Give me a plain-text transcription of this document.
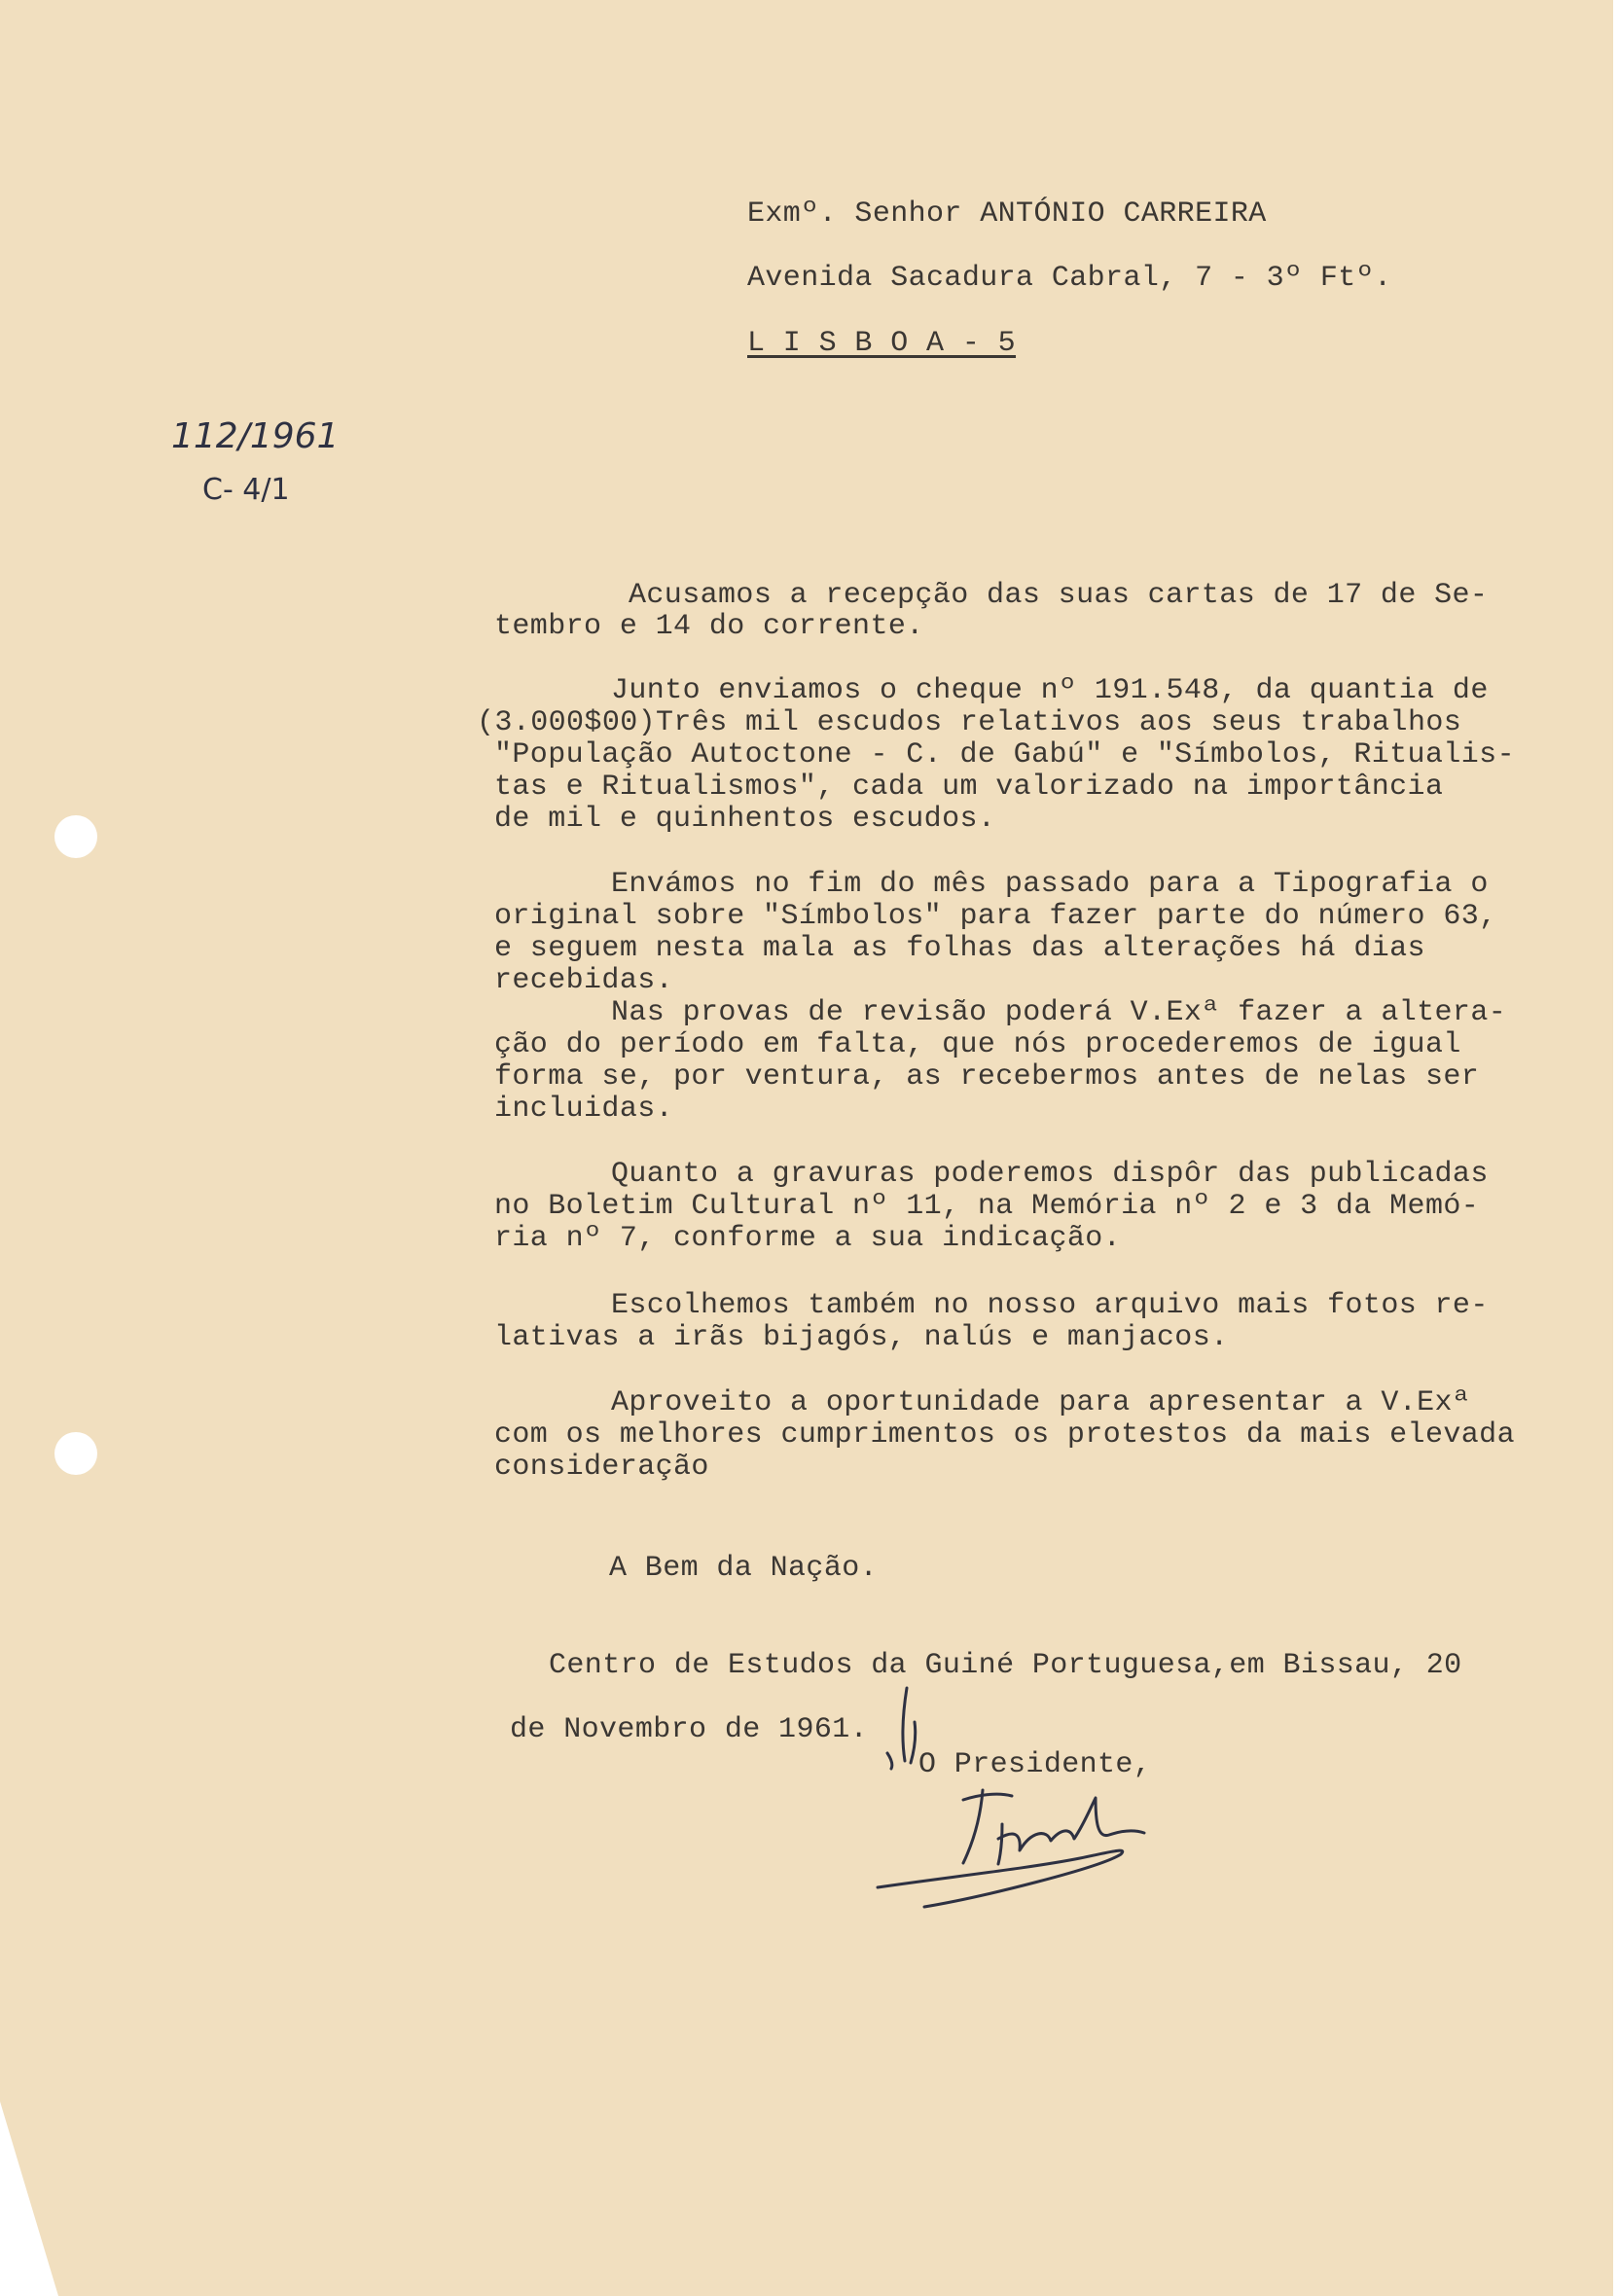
Exmº. Senhor ANTÓNIO CARREIRA
Avenida Sacadura Cabral, 7 - 3º Ftº.
L I S B O A - 5
112/1961
C- 4/1
Acusamos a recepção das suas cartas de 17 de Se-
tembro e 14 do corrente.
Junto enviamos o cheque nº 191.548, da quantia de
(3.000$00)Três mil escudos relativos aos seus trabalhos
"População Autoctone - C. de Gabú" e "Símbolos, Ritualis-
tas e Ritualismos", cada um valorizado na importância
de mil e quinhentos escudos.
Envámos no fim do mês passado para a Tipografia o
original sobre "Símbolos" para fazer parte do número 63,
e seguem nesta mala as folhas das alterações há dias
recebidas.
Nas provas de revisão poderá V.Exª fazer a altera-
ção do período em falta, que nós procederemos de igual
forma se, por ventura, as recebermos antes de nelas ser
incluidas.
Quanto a gravuras poderemos dispôr das publicadas
no Boletim Cultural nº 11, na Memória nº 2 e 3 da Memó-
ria nº 7, conforme a sua indicação.
Escolhemos também no nosso arquivo mais fotos re-
lativas a irãs bijagós, nalús e manjacos.
Aproveito a oportunidade para apresentar a V.Exª
com os melhores cumprimentos os protestos da mais elevada
consideração
A Bem da Nação.
Centro de Estudos da Guiné Portuguesa,em Bissau, 20
de Novembro de 1961.
O Presidente,
